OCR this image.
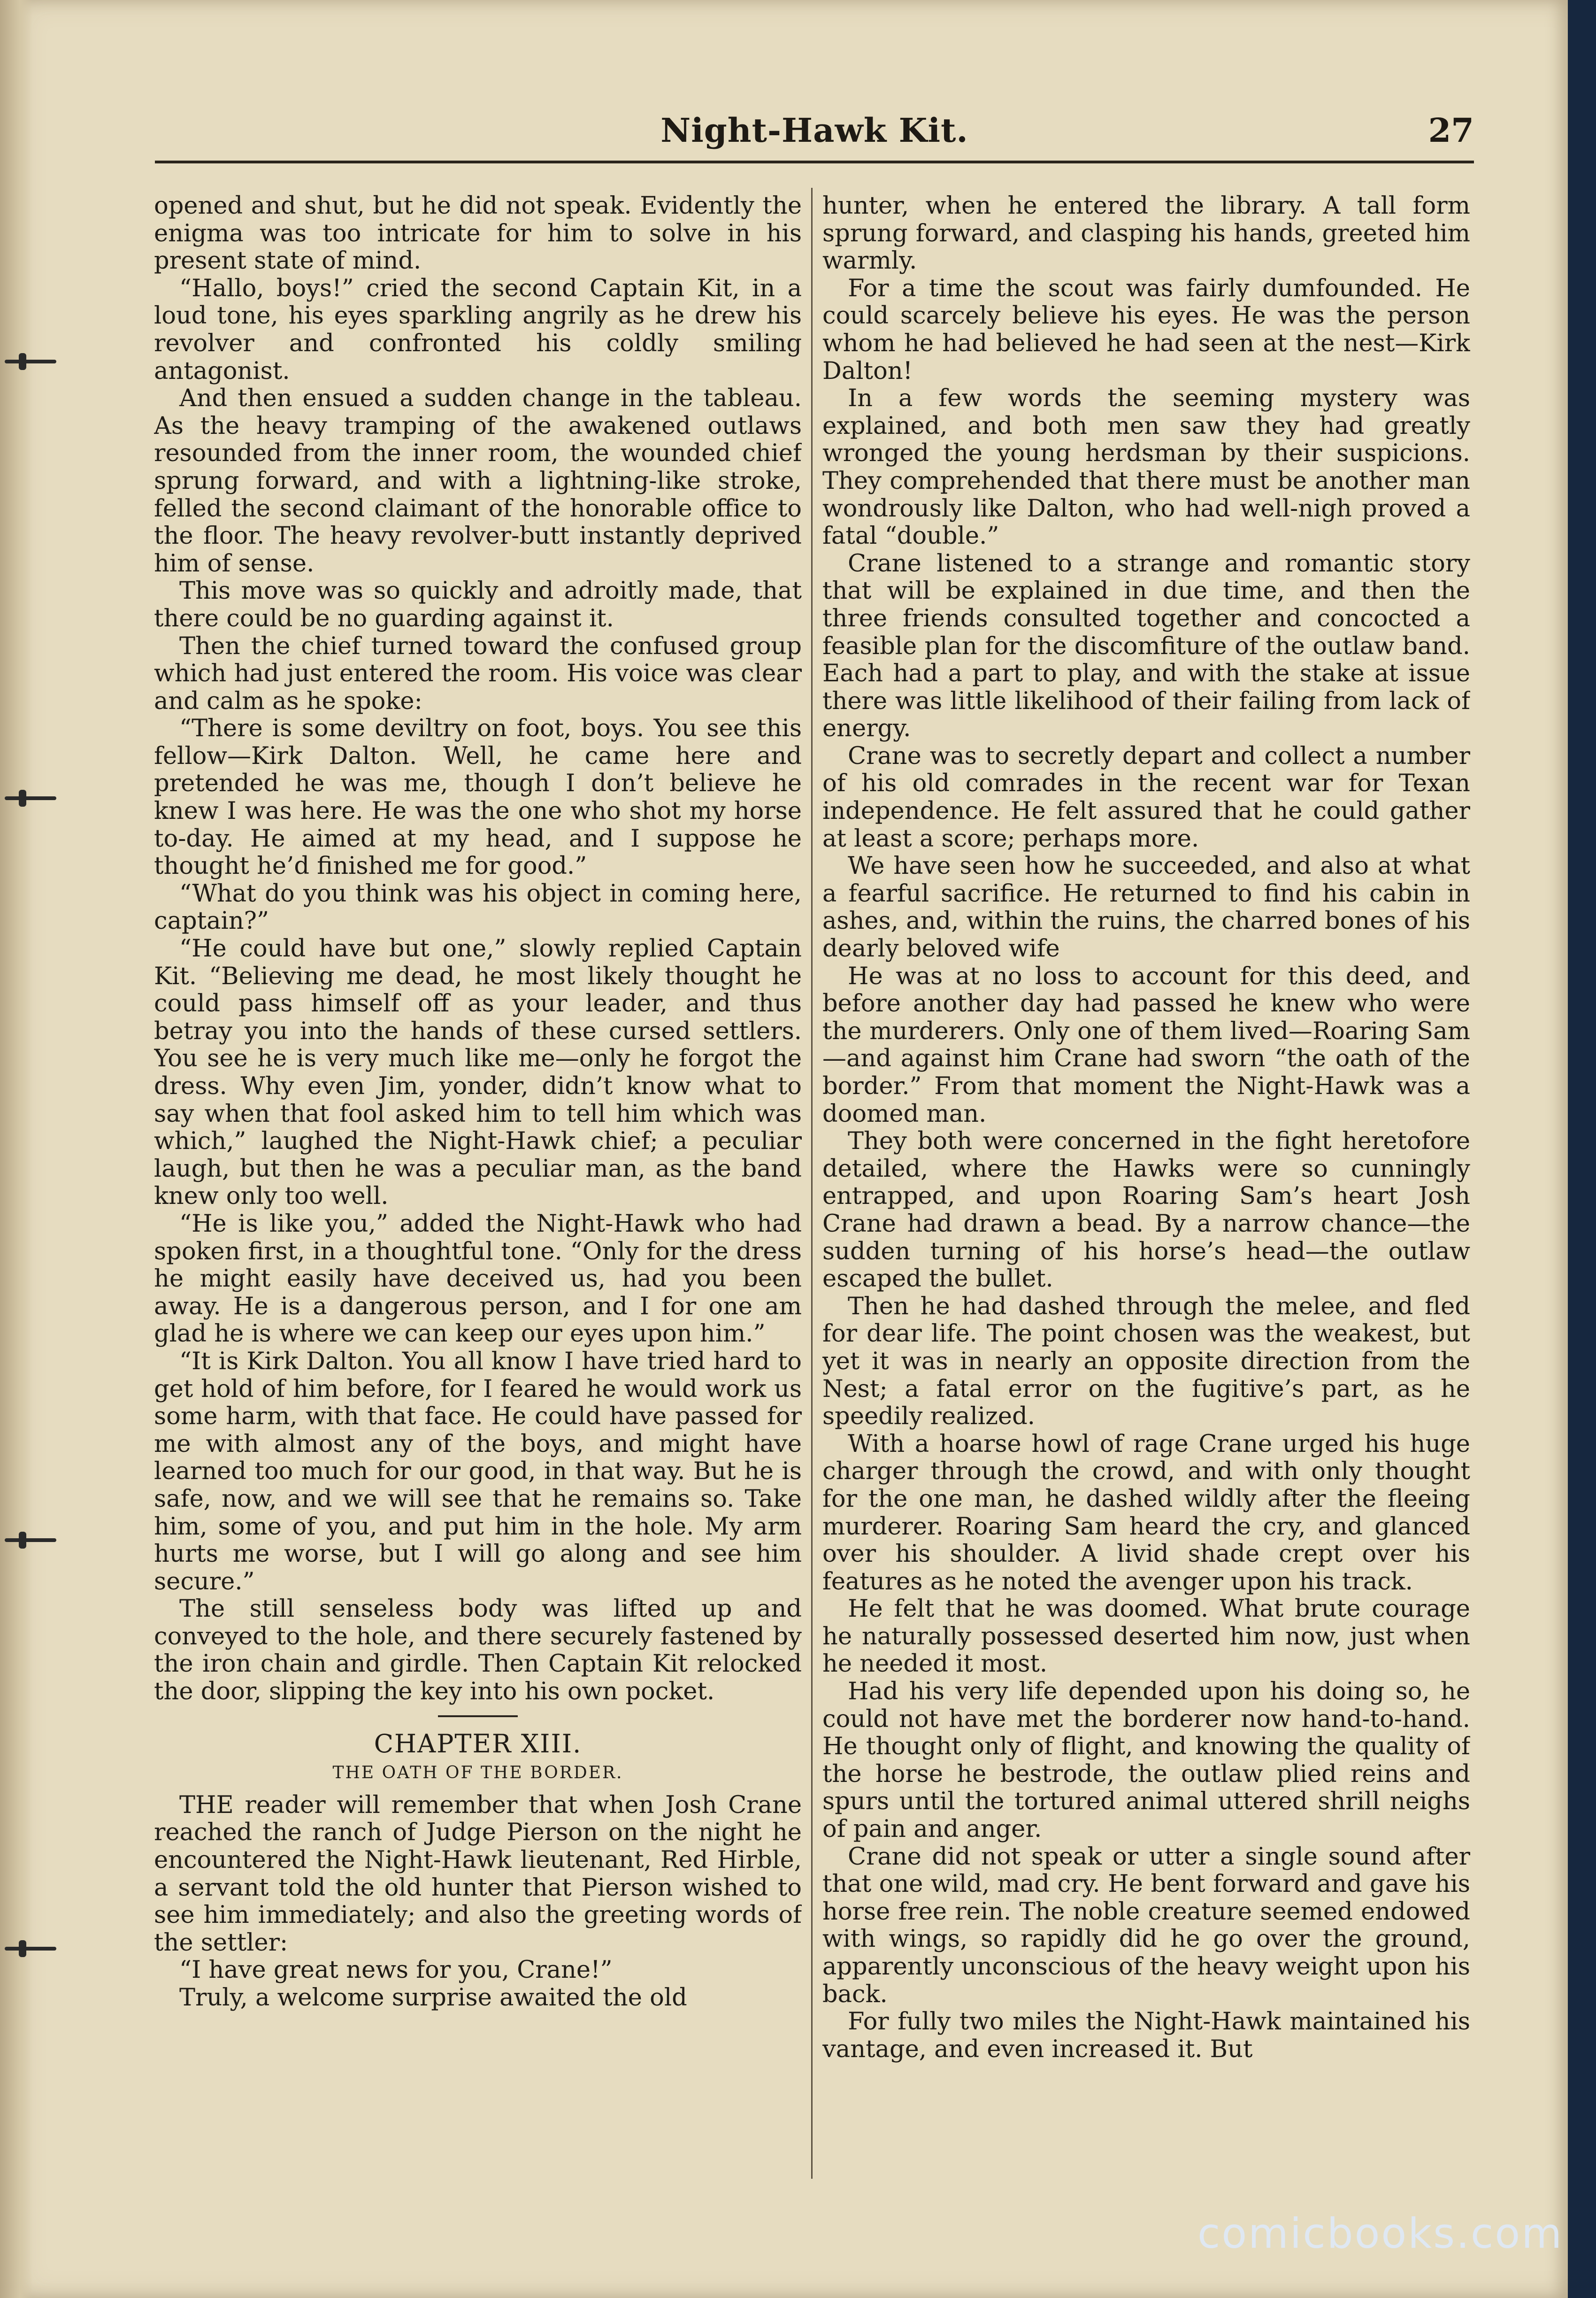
Night-Hawk Kit.	27

opened and shut, but he did not speak. Evidently the enigma was too intricate for him to solve in his present state of mind.

“Hallo, boys!” cried the second Captain Kit, in a loud tone, his eyes sparkling angrily as he drew his revolver and confronted his coldly smiling antagonist.

And then ensued a sudden change in the tableau. As the heavy tramping of the awakened outlaws resounded from the inner room, the wounded chief sprung forward, and with a lightning-like stroke, felled the second claimant of the honorable office to the floor. The heavy revolver-butt instantly deprived him of sense.

This move was so quickly and adroitly made, that there could be no guarding against it.

Then the chief turned toward the confused group which had just entered the room. His voice was clear and calm as he spoke:

“There is some deviltry on foot, boys. You see this fellow—Kirk Dalton. Well, he came here and pretended he was me, though I don’t believe he knew I was here. He was the one who shot my horse to-day. He aimed at my head, and I suppose he thought he’d finished me for good.”

“What do you think was his object in coming here, captain?”

“He could have but one,” slowly replied Captain Kit. “Believing me dead, he most likely thought he could pass himself off as your leader, and thus betray you into the hands of these cursed settlers. You see he is very much like me—only he forgot the dress. Why even Jim, yonder, didn’t know what to say when that fool asked him to tell him which was which,” laughed the Night-Hawk chief; a peculiar laugh, but then he was a peculiar man, as the band knew only too well.

“He is like you,” added the Night-Hawk who had spoken first, in a thoughtful tone. “Only for the dress he might easily have deceived us, had you been away. He is a dangerous person, and I for one am glad he is where we can keep our eyes upon him.”

“It is Kirk Dalton. You all know I have tried hard to get hold of him before, for I feared he would work us some harm, with that face. He could have passed for me with almost any of the boys, and might have learned too much for our good, in that way. But he is safe, now, and we will see that he remains so. Take him, some of you, and put him in the hole. My arm hurts me worse, but I will go along and see him secure.”

The still senseless body was lifted up and conveyed to the hole, and there securely fastened by the iron chain and girdle. Then Captain Kit relocked the door, slipping the key into his own pocket.

CHAPTER XIII.
THE OATH OF THE BORDER.

THE reader will remember that when Josh Crane reached the ranch of Judge Pierson on the night he encountered the Night-Hawk lieutenant, Red Hirble, a servant told the old hunter that Pierson wished to see him immediately; and also the greeting words of the settler:

“I have great news for you, Crane!”

Truly, a welcome surprise awaited the old

hunter, when he entered the library. A tall form sprung forward, and clasping his hands, greeted him warmly.

For a time the scout was fairly dumfounded. He could scarcely believe his eyes. He was the person whom he had believed he had seen at the nest—Kirk Dalton!

In a few words the seeming mystery was explained, and both men saw they had greatly wronged the young herdsman by their suspicions. They comprehended that there must be another man wondrously like Dalton, who had well-nigh proved a fatal “double.”

Crane listened to a strange and romantic story that will be explained in due time, and then the three friends consulted together and concocted a feasible plan for the discomfiture of the outlaw band. Each had a part to play, and with the stake at issue there was little likelihood of their failing from lack of energy.

Crane was to secretly depart and collect a number of his old comrades in the recent war for Texan independence. He felt assured that he could gather at least a score; perhaps more.

We have seen how he succeeded, and also at what a fearful sacrifice. He returned to find his cabin in ashes, and, within the ruins, the charred bones of his dearly beloved wife

He was at no loss to account for this deed, and before another day had passed he knew who were the murderers. Only one of them lived—Roaring Sam—and against him Crane had sworn “the oath of the border.” From that moment the Night-Hawk was a doomed man.

They both were concerned in the fight heretofore detailed, where the Hawks were so cunningly entrapped, and upon Roaring Sam’s heart Josh Crane had drawn a bead. By a narrow chance—the sudden turning of his horse’s head—the outlaw escaped the bullet.

Then he had dashed through the melee, and fled for dear life. The point chosen was the weakest, but yet it was in nearly an opposite direction from the Nest; a fatal error on the fugitive’s part, as he speedily realized.

With a hoarse howl of rage Crane urged his huge charger through the crowd, and with only thought for the one man, he dashed wildly after the fleeing murderer. Roaring Sam heard the cry, and glanced over his shoulder. A livid shade crept over his features as he noted the avenger upon his track.

He felt that he was doomed. What brute courage he naturally possessed deserted him now, just when he needed it most.

Had his very life depended upon his doing so, he could not have met the borderer now hand-to-hand. He thought only of flight, and knowing the quality of the horse he bestrode, the outlaw plied reins and spurs until the tortured animal uttered shrill neighs of pain and anger.

Crane did not speak or utter a single sound after that one wild, mad cry. He bent forward and gave his horse free rein. The noble creature seemed endowed with wings, so rapidly did he go over the ground, apparently unconscious of the heavy weight upon his back.

For fully two miles the Night-Hawk maintained his vantage, and even increased it. But

comicbooks.com
